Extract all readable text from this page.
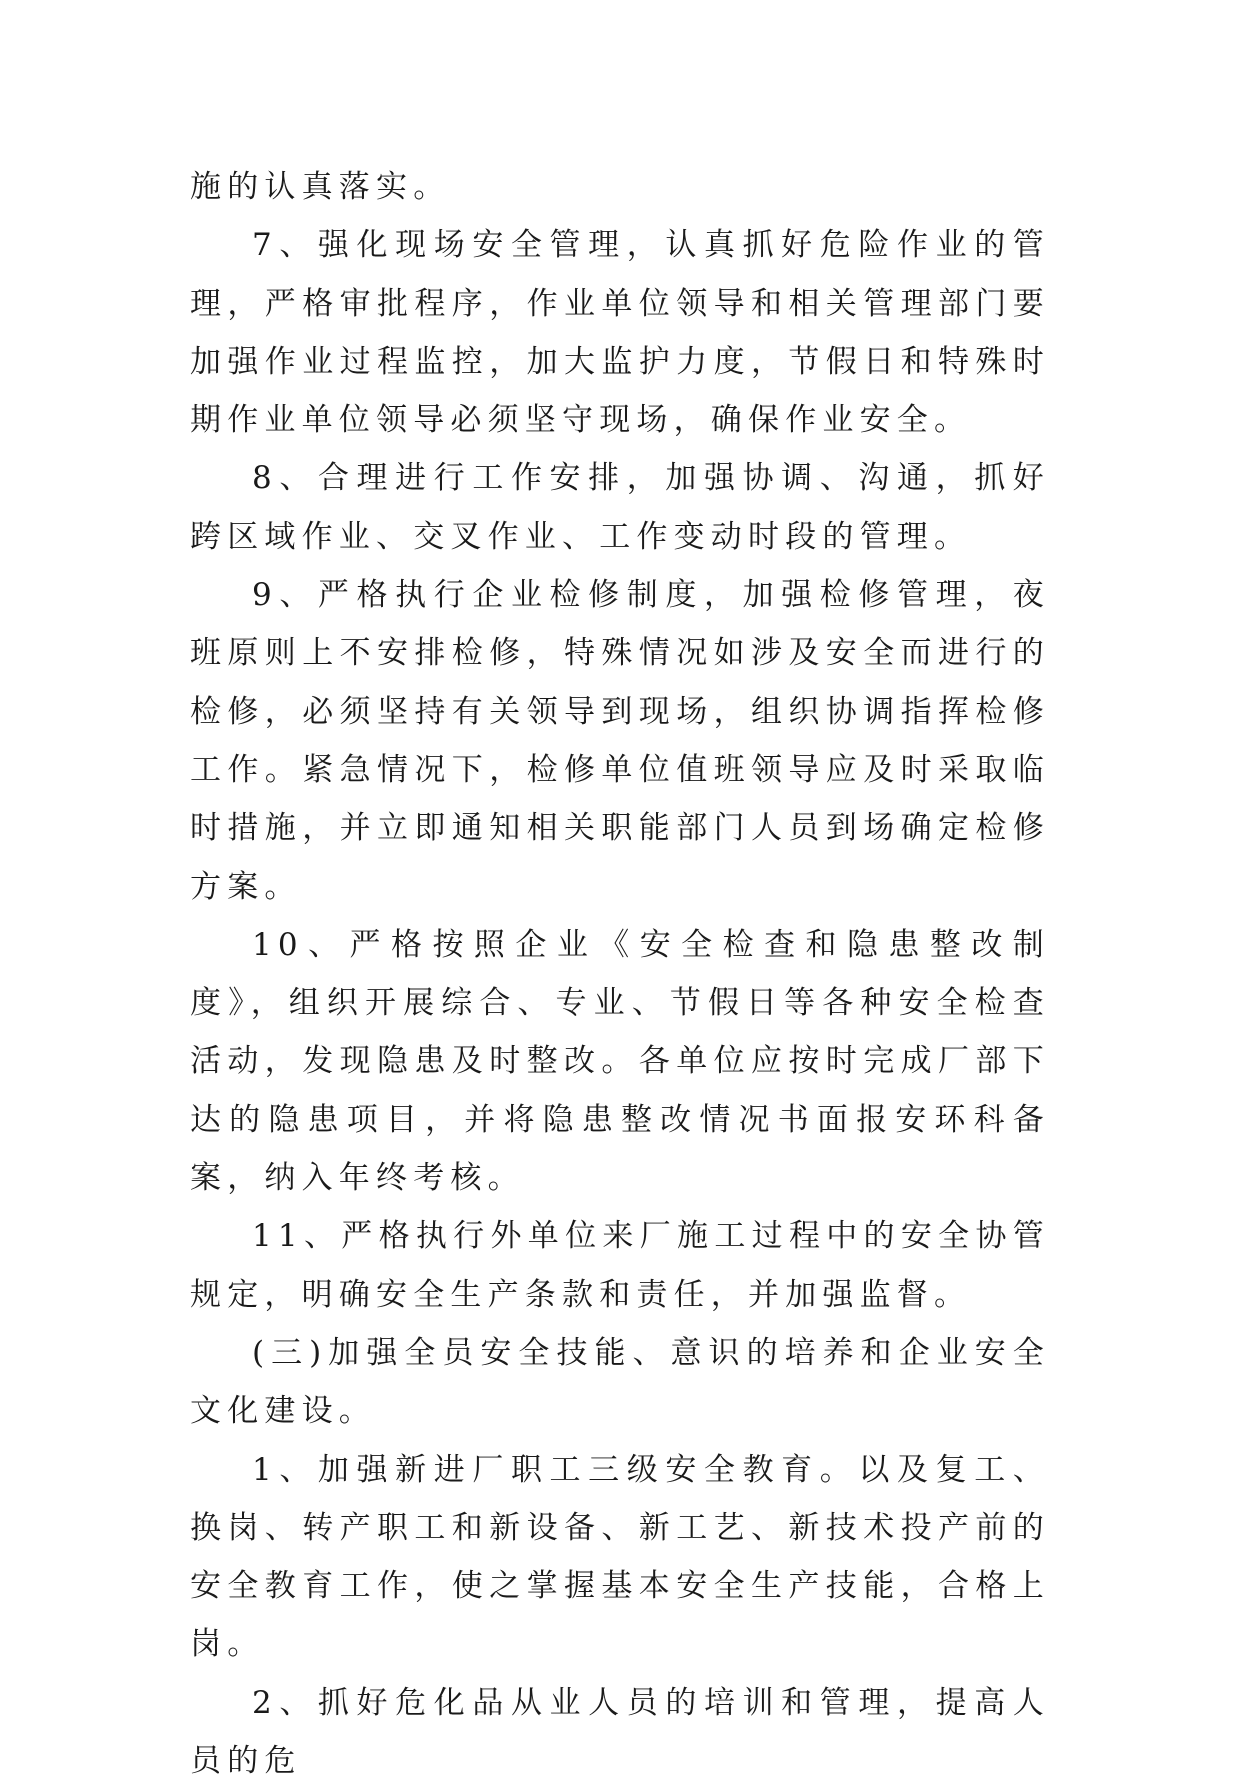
施的认真落实。

7、强化现场安全管理，认真抓好危险作业的管理，严格审批程序，作业单位领导和相关管理部门要加强作业过程监控，加大监护力度，节假日和特殊时期作业单位领导必须坚守现场，确保作业安全。

8、合理进行工作安排，加强协调、沟通，抓好跨区域作业、交叉作业、工作变动时段的管理。

9、严格执行企业检修制度，加强检修管理，夜班原则上不安排检修，特殊情况如涉及安全而进行的检修，必须坚持有关领导到现场，组织协调指挥检修工作。紧急情况下，检修单位值班领导应及时采取临时措施，并立即通知相关职能部门人员到场确定检修方案。

10、严格按照企业《安全检查和隐患整改制度》，组织开展综合、专业、节假日等各种安全检查活动，发现隐患及时整改。各单位应按时完成厂部下达的隐患项目，并将隐患整改情况书面报安环科备案，纳入年终考核。

11、严格执行外单位来厂施工过程中的安全协管规定，明确安全生产条款和责任，并加强监督。

(三)加强全员安全技能、意识的培养和企业安全文化建设。

1、加强新进厂职工三级安全教育。以及复工、换岗、转产职工和新设备、新工艺、新技术投产前的安全教育工作，使之掌握基本安全生产技能，合格上岗。

2、抓好危化品从业人员的培训和管理，提高人员的危
